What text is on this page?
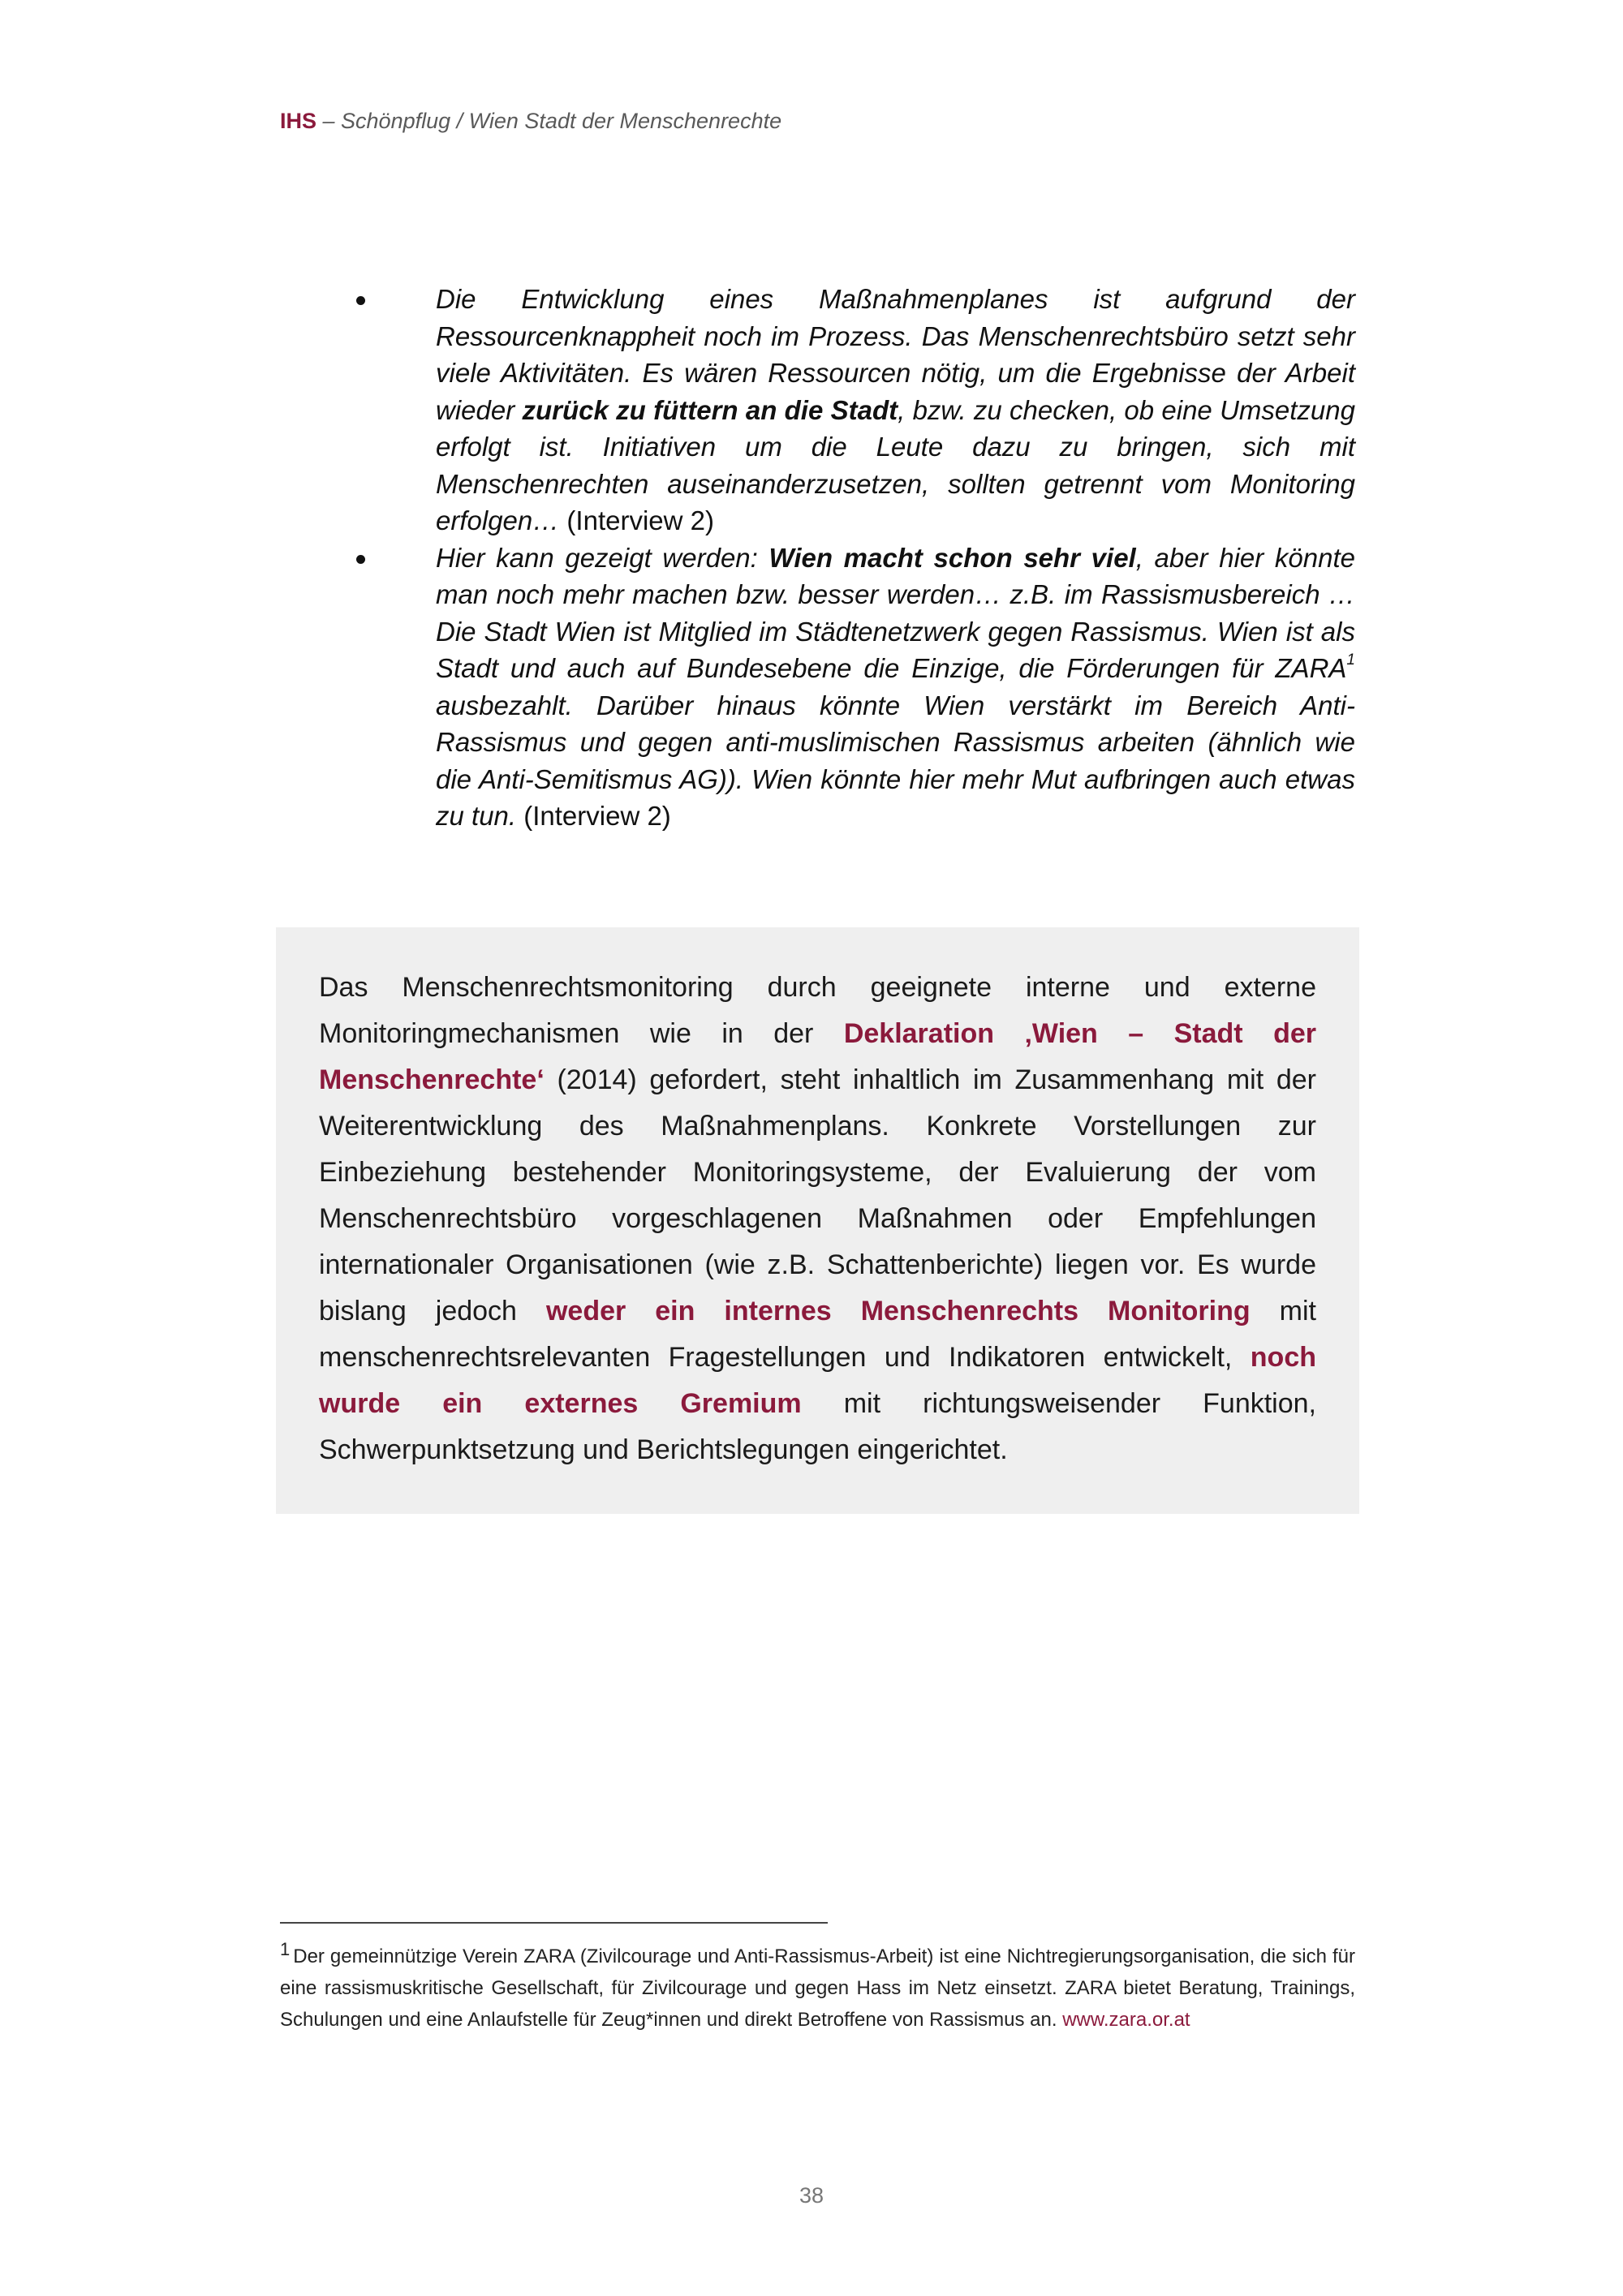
IHS – Schönpflug / Wien Stadt der Menschenrechte
Die Entwicklung eines Maßnahmenplanes ist aufgrund der Ressourcenknappheit noch im Prozess. Das Menschenrechtsbüro setzt sehr viele Aktivitäten. Es wären Ressourcen nötig, um die Ergebnisse der Arbeit wieder zurück zu füttern an die Stadt, bzw. zu checken, ob eine Umsetzung erfolgt ist. Initiativen um die Leute dazu zu bringen, sich mit Menschenrechten auseinanderzusetzen, sollten getrennt vom Monitoring erfolgen… (Interview 2)
Hier kann gezeigt werden: Wien macht schon sehr viel, aber hier könnte man noch mehr machen bzw. besser werden… z.B. im Rassismusbereich … Die Stadt Wien ist Mitglied im Städtenetzwerk gegen Rassismus. Wien ist als Stadt und auch auf Bundesebene die Einzige, die Förderungen für ZARA$^1$ ausbezahlt. Darüber hinaus könnte Wien verstärkt im Bereich Anti-Rassismus und gegen anti-muslimischen Rassismus arbeiten (ähnlich wie die Anti-Semitismus AG)). Wien könnte hier mehr Mut aufbringen auch etwas zu tun. (Interview 2)
Das Menschenrechtsmonitoring durch geeignete interne und externe Monitoringmechanismen wie in der Deklaration ‚Wien – Stadt der Menschenrechte‘ (2014) gefordert, steht inhaltlich im Zusammenhang mit der Weiterentwicklung des Maßnahmenplans. Konkrete Vorstellungen zur Einbeziehung bestehender Monitoringsysteme, der Evaluierung der vom Menschenrechtsbüro vorgeschlagenen Maßnahmen oder Empfehlungen internationaler Organisationen (wie z.B. Schattenberichte) liegen vor. Es wurde bislang jedoch weder ein internes Menschenrechts Monitoring mit menschenrechtsrelevanten Fragestellungen und Indikatoren entwickelt, noch wurde ein externes Gremium mit richtungsweisender Funktion, Schwerpunktsetzung und Berichtslegungen eingerichtet.
1 Der gemeinnützige Verein ZARA (Zivilcourage und Anti-Rassismus-Arbeit) ist eine Nichtregierungsorganisation, die sich für eine rassismuskritische Gesellschaft, für Zivilcourage und gegen Hass im Netz einsetzt. ZARA bietet Beratung, Trainings, Schulungen und eine Anlaufstelle für Zeug*innen und direkt Betroffene von Rassismus an. www.zara.or.at
38
